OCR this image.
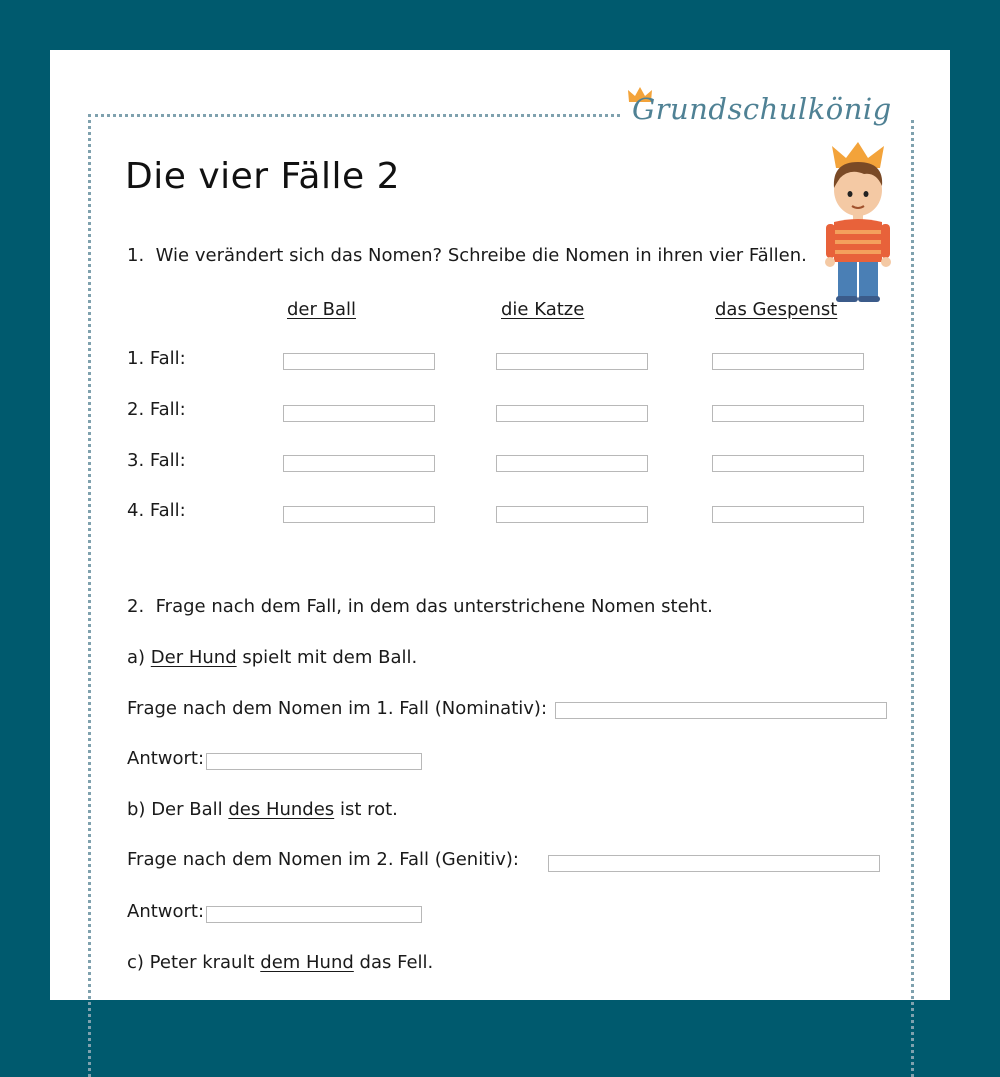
Grundschulkönig
Die vier Fälle 2
1. Wie verändert sich das Nomen? Schreibe die Nomen in ihren vier Fällen.
der Ball	die Katze	das Gespenst
1. Fall:
2. Fall:
3. Fall:
4. Fall:
2. Frage nach dem Fall, in dem das unterstrichene Nomen steht.
a) Der Hund spielt mit dem Ball.
Frage nach dem Nomen im 1. Fall (Nominativ):
Antwort:
b) Der Ball des Hundes ist rot.
Frage nach dem Nomen im 2. Fall (Genitiv):
Antwort:
c) Peter krault dem Hund das Fell.
